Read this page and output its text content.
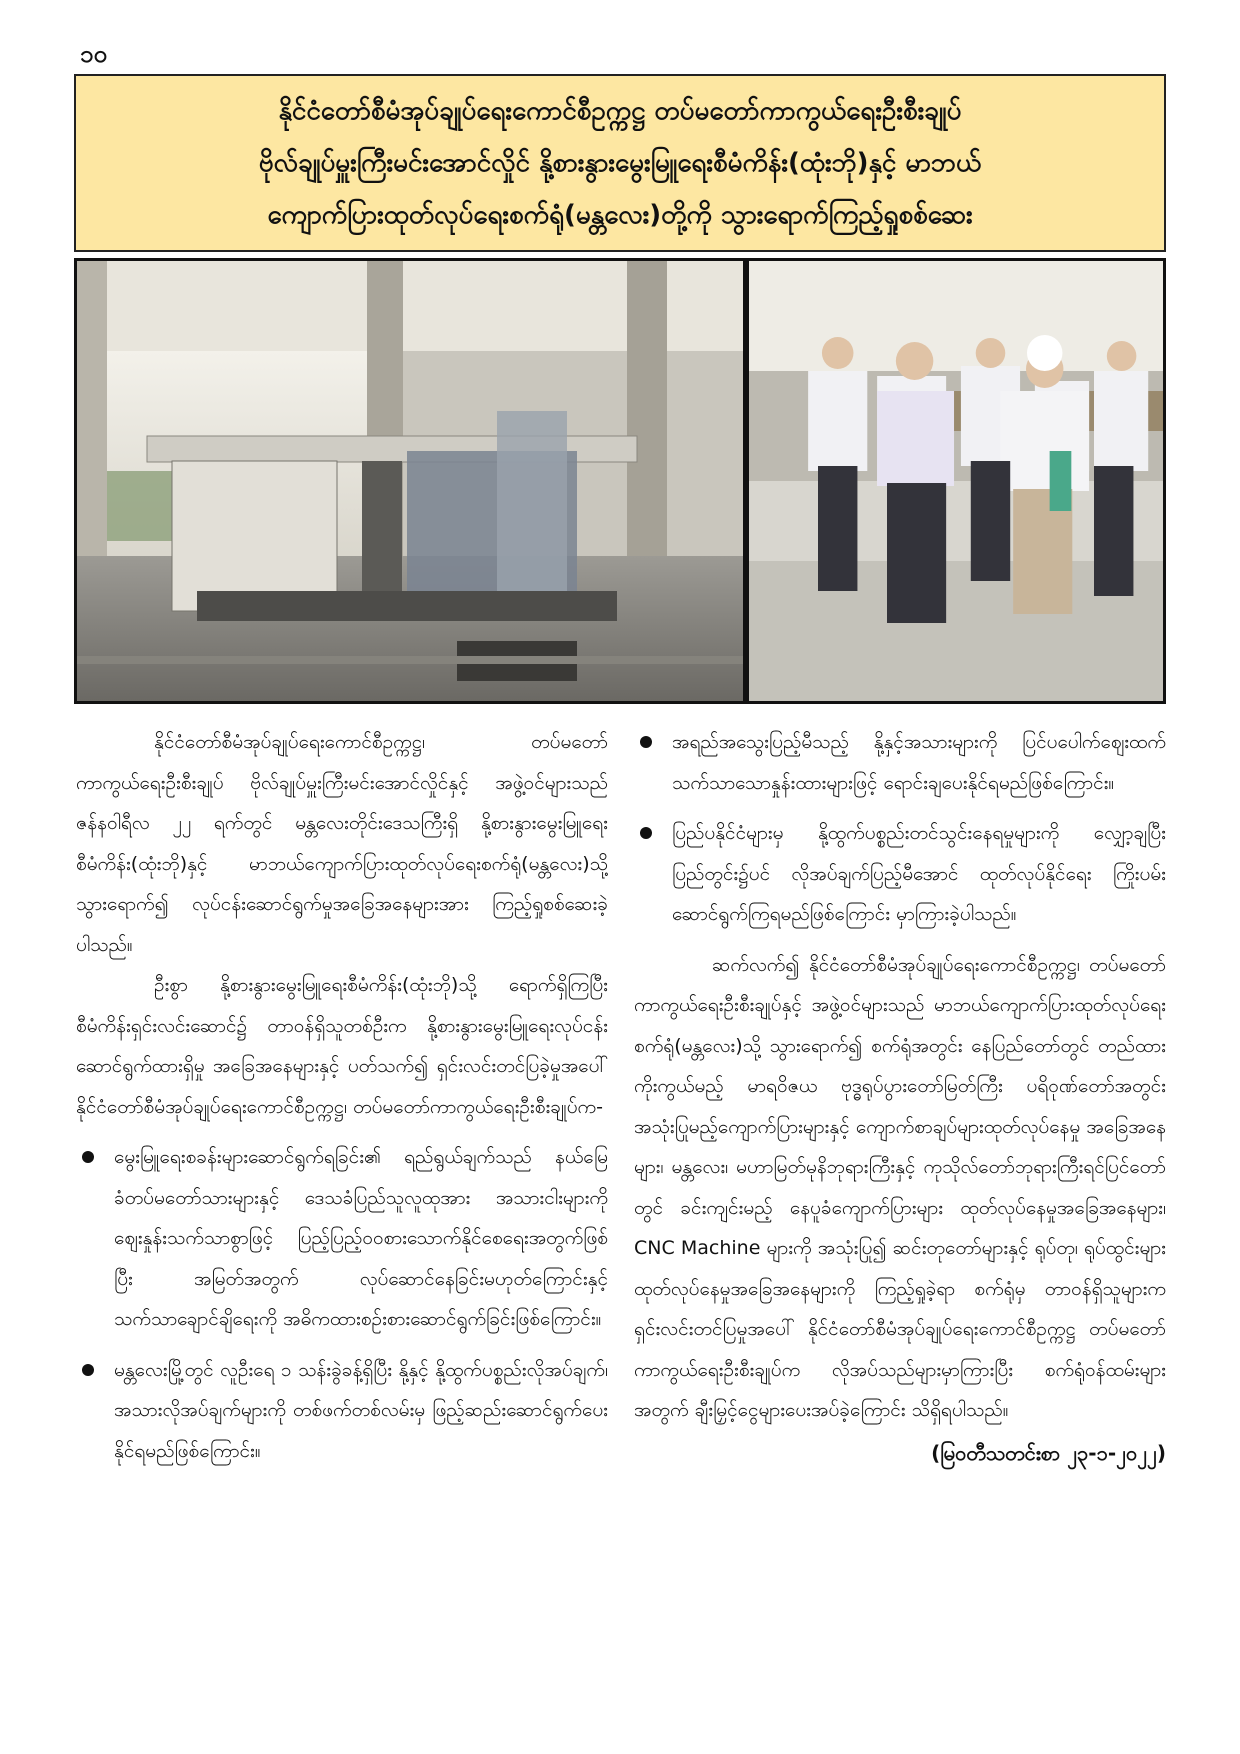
၁၀
နိုင်ငံတော်စီမံအုပ်ချုပ်ရေးကောင်စီဥက္ကဋ္ဌ တပ်မတော်ကာကွယ်ရေးဦးစီးချုပ်
ဗိုလ်ချုပ်မှူးကြီးမင်းအောင်လှိုင် နို့စားနွားမွေးမြူရေးစီမံကိန်း(ထုံးဘို)နှင့် မာဘယ်
ကျောက်ပြားထုတ်လုပ်ရေးစက်ရုံ(မန္တလေး)တို့ကို သွားရောက်ကြည့်ရှုစစ်ဆေး

နိုင်ငံတော်စီမံအုပ်ချုပ်ရေးကောင်စီဥက္ကဋ္ဌ၊ တပ်မတော်ကာကွယ်ရေးဦးစီးချုပ် ဗိုလ်ချုပ်မှူးကြီးမင်းအောင်လှိုင်နှင့် အဖွဲ့ဝင်များသည် ဇန်နဝါရီလ ၂၂ ရက်တွင် မန္တလေးတိုင်းဒေသကြီးရှိ နို့စားနွားမွေးမြူရေးစီမံကိန်း(ထုံးဘို)နှင့် မာဘယ်ကျောက်ပြားထုတ်လုပ်ရေးစက်ရုံ(မန္တလေး)သို့ သွားရောက်၍ လုပ်ငန်းဆောင်ရွက်မှုအခြေအနေများအား ကြည့်ရှုစစ်ဆေးခဲ့ပါသည်။

ဦးစွာ နို့စားနွားမွေးမြူရေးစီမံကိန်း(ထုံးဘို)သို့ ရောက်ရှိကြပြီး စီမံကိန်းရှင်းလင်းဆောင်၌ တာဝန်ရှိသူတစ်ဦးက နို့စားနွားမွေးမြူရေးလုပ်ငန်းဆောင်ရွက်ထားရှိမှု အခြေအနေများနှင့် ပတ်သက်၍ ရှင်းလင်းတင်ပြခဲ့မှုအပေါ် နိုင်ငံတော်စီမံအုပ်ချုပ်ရေးကောင်စီဥက္ကဋ္ဌ၊ တပ်မတော်ကာကွယ်ရေးဦးစီးချုပ်က-

မွေးမြူရေးစခန်းများဆောင်ရွက်ရခြင်း၏ ရည်ရွယ်ချက်သည် နယ်မြေခံတပ်မတော်သားများနှင့် ဒေသခံပြည်သူလူထုအား အသားငါးများကို ဈေးနှုန်းသက်သာစွာဖြင့် ပြည့်ပြည့်ဝဝစားသောက်နိုင်စေရေးအတွက်ဖြစ်ပြီး အမြတ်အတွက် လုပ်ဆောင်နေခြင်းမဟုတ်ကြောင်းနှင့် သက်သာချောင်ချိရေးကို အဓိကထားစဉ်းစားဆောင်ရွက်ခြင်းဖြစ်ကြောင်း။
မန္တလေးမြို့တွင် လူဦးရေ ၁ သန်းခွဲခန့်ရှိပြီး နို့နှင့် နို့ထွက်ပစ္စည်းလိုအပ်ချက်၊ အသားလိုအပ်ချက်များကို တစ်ဖက်တစ်လမ်းမှ ဖြည့်ဆည်းဆောင်ရွက်ပေးနိုင်ရမည်ဖြစ်ကြောင်း။
အရည်အသွေးပြည့်မီသည့် နို့နှင့်အသားများကို ပြင်ပပေါက်ဈေးထက် သက်သာသောနှုန်းထားများဖြင့် ရောင်းချပေးနိုင်ရမည်ဖြစ်ကြောင်း။
ပြည်ပနိုင်ငံများမှ နို့ထွက်ပစ္စည်းတင်သွင်းနေရမှုများကို လျှော့ချပြီး ပြည်တွင်း၌ပင် လိုအပ်ချက်ပြည့်မီအောင် ထုတ်လုပ်နိုင်ရေး ကြိုးပမ်းဆောင်ရွက်ကြရမည်ဖြစ်ကြောင်း မှာကြားခဲ့ပါသည်။

ဆက်လက်၍ နိုင်ငံတော်စီမံအုပ်ချုပ်ရေးကောင်စီဥက္ကဋ္ဌ၊ တပ်မတော်ကာကွယ်ရေးဦးစီးချုပ်နှင့် အဖွဲ့ဝင်များသည် မာဘယ်ကျောက်ပြားထုတ်လုပ်ရေးစက်ရုံ(မန္တလေး)သို့ သွားရောက်၍ စက်ရုံအတွင်း နေပြည်တော်တွင် တည်ထားကိုးကွယ်မည့် မာရဝိဇယ ဗုဒ္ဓရုပ်ပွားတော်မြတ်ကြီး ပရိဝုဏ်တော်အတွင်း အသုံးပြုမည့်ကျောက်ပြားများနှင့် ကျောက်စာချပ်များထုတ်လုပ်နေမှု အခြေအနေများ၊ မန္တလေး၊ မဟာမြတ်မုနိဘုရားကြီးနှင့် ကုသိုလ်တော်ဘုရားကြီးရင်ပြင်တော်တွင် ခင်းကျင်းမည့် နေပူခံကျောက်ပြားများ ထုတ်လုပ်နေမှုအခြေအနေများ၊ CNC Machine များကို အသုံးပြု၍ ဆင်းတုတော်များနှင့် ရုပ်တု၊ ရုပ်ထွင်းများထုတ်လုပ်နေမှုအခြေအနေများကို ကြည့်ရှုခဲ့ရာ စက်ရုံမှ တာဝန်ရှိသူများက ရှင်းလင်းတင်ပြမှုအပေါ် နိုင်ငံတော်စီမံအုပ်ချုပ်ရေးကောင်စီဥက္ကဋ္ဌ တပ်မတော်ကာကွယ်ရေးဦးစီးချုပ်က လိုအပ်သည်များမှာကြားပြီး စက်ရုံဝန်ထမ်းများအတွက် ချီးမြှင့်ငွေများပေးအပ်ခဲ့ကြောင်း သိရှိရပါသည်။

(မြဝတီသတင်းစာ ၂၃-၁-၂၀၂၂)
